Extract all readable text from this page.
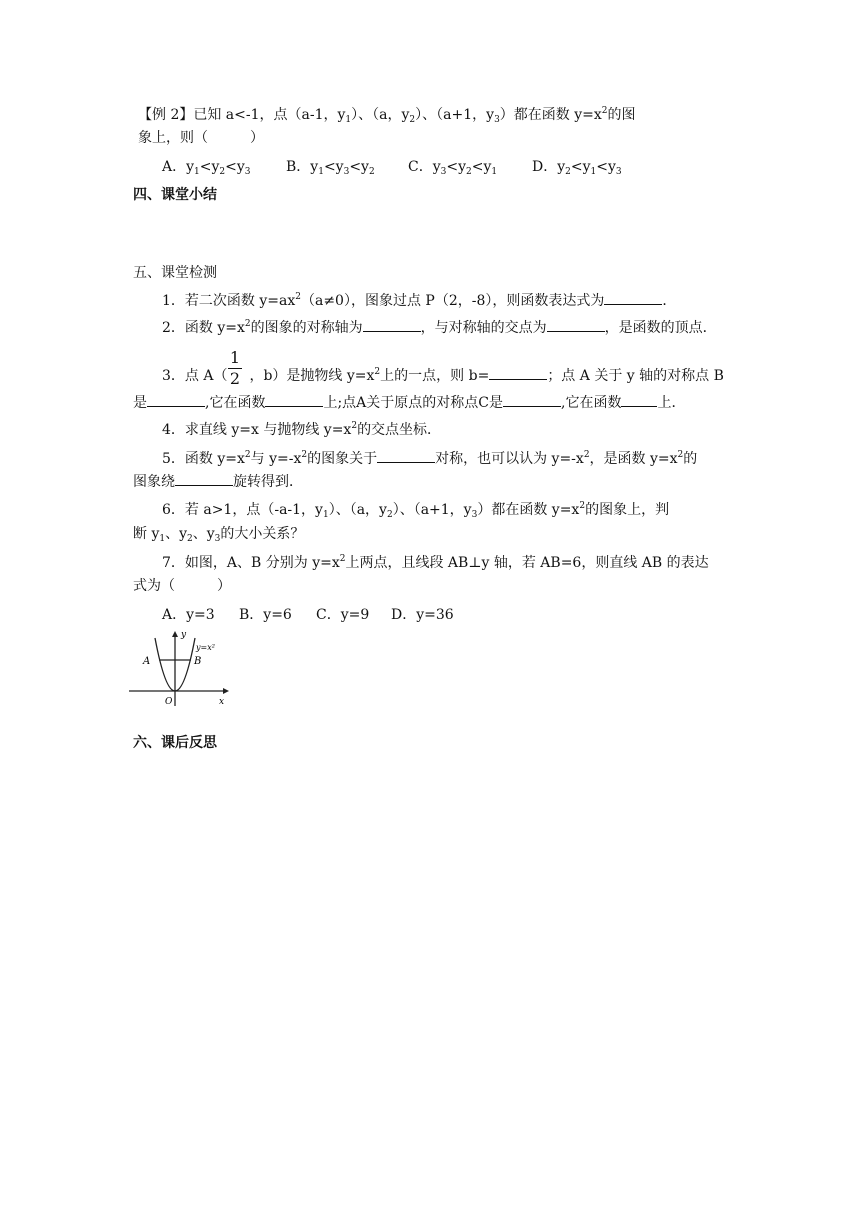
【例 2】已知 a<-1，点（a-1，$y_1$）、（a，$y_2$）、（a+1，$y_3$）都在函数 $y=x^2$的图
象上，则（　　　）
A．$y_1<y_2<y_3$	B．$y_1<y_3<y_2$ C．$y_3<y_2<y_1$ D．$y_2<y_1<y_3$
四、课堂小结
五、课堂检测
1．若二次函数 $y=ax^2(a\ne 0)$，图象过点 P（2，-8），则函数表达式为	．
2．函数 $y=x^2$的图象的对称轴为	，与对称轴的交点为	，是函数的顶点．
1
2
3．点 A（ ，b）是抛物线 $y=x^2$上的一点，则 b=	；点 A 关于 y 轴的对称点 B
是	,它在函数	上;点A关于原点的对称点C是	,它在函数	上．
4．求直线 y=x 与抛物线 $y=x^2$的交点坐标．
5．函数 $y=x^2$与 $y=-x^2$的图象关于	对称，也可以认为 $y=-x^2$，是函数 $y=x^2$的
图象绕	旋转得到．
6．若 a>1，点（-a-1，$y_1$）、（a，$y_2$）、（a+1，$y_3$）都在函数 $y=x^2$的图象上，判
断 $y_1$、$y_2$、$y_3$的大小关系？
7．如图，A、B 分别为 $y=x^2$上两点，且线段 AB⊥y 轴，若 AB=6，则直线 AB 的表达
式为（　　　）
A．y=3 B．y=6 C．y=9 D．y=36
y
x
O
A	B
y=x²
六、课后反思
